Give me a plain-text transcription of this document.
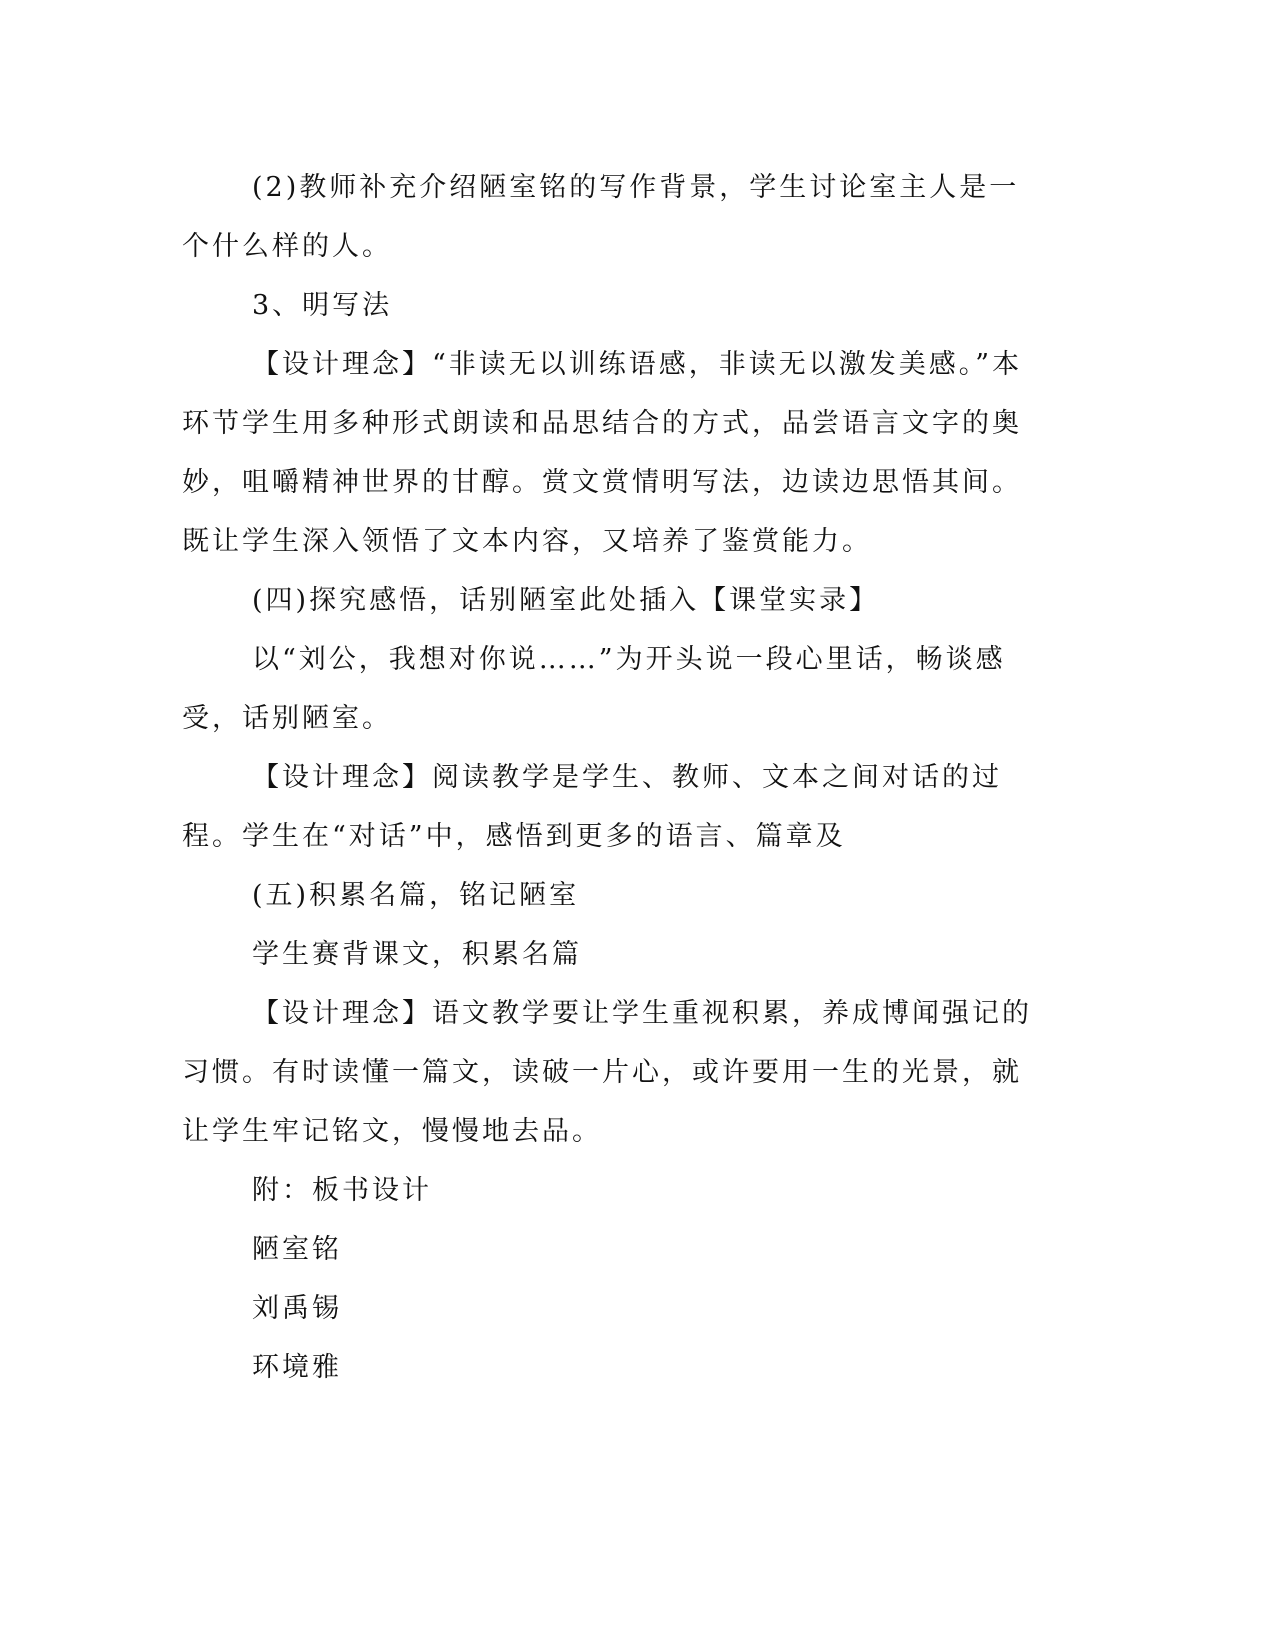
(2)教师补充介绍陋室铭的写作背景，学生讨论室主人是一个什么样的人。

3、明写法

【设计理念】“非读无以训练语感，非读无以激发美感。”本环节学生用多种形式朗读和品思结合的方式，品尝语言文字的奥妙，咀嚼精神世界的甘醇。赏文赏情明写法，边读边思悟其间。既让学生深入领悟了文本内容，又培养了鉴赏能力。

(四)探究感悟，话别陋室此处插入【课堂实录】

以“刘公，我想对你说……”为开头说一段心里话，畅谈感受，话别陋室。

【设计理念】阅读教学是学生、教师、文本之间对话的过程。学生在“对话”中，感悟到更多的语言、篇章及

(五)积累名篇，铭记陋室

学生赛背课文，积累名篇

【设计理念】语文教学要让学生重视积累，养成博闻强记的习惯。有时读懂一篇文，读破一片心，或许要用一生的光景，就让学生牢记铭文，慢慢地去品。

附：板书设计

陋室铭

刘禹锡

环境雅
